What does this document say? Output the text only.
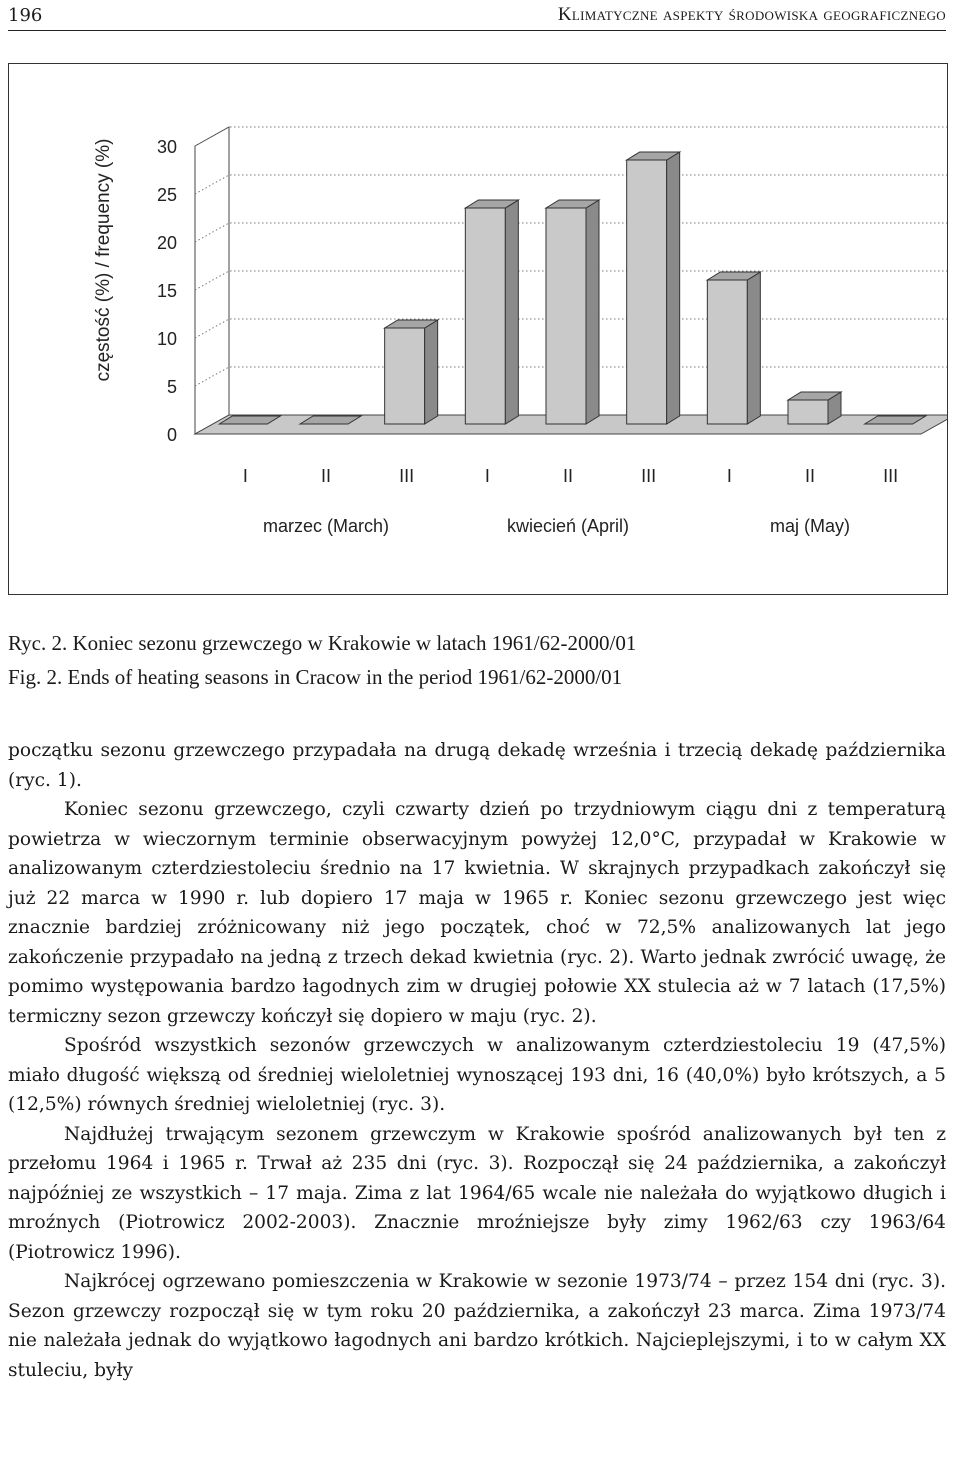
196	Klimatyczne aspekty środowiska geograficznego
0
5
10
15
20
25
30
częstość (%) / frequency (%)
I	II	III	I	II	III	I	II	III
marzec (March)	kwiecień (April)	maj (May)
Ryc. 2. Koniec sezonu grzewczego w Krakowie w latach 1961/62-2000/01
Fig. 2. Ends of heating seasons in Cracow in the period 1961/62-2000/01

początku sezonu grzewczego przypadała na drugą dekadę września i trzecią dekadę października (ryc. 1).

Koniec sezonu grzewczego, czyli czwarty dzień po trzydniowym ciągu dni z temperaturą powietrza w wieczornym terminie obserwacyjnym powyżej 12,0°C, przypadał w Krakowie w analizowanym czterdziestoleciu średnio na 17 kwietnia. W skrajnych przypadkach zakończył się już 22 marca w 1990 r. lub dopiero 17 maja w 1965 r. Koniec sezonu grzewczego jest więc znacznie bardziej zróżnicowany niż jego początek, choć w 72,5% analizowanych lat jego zakończenie przypadało na jedną z trzech dekad kwietnia (ryc. 2). Warto jednak zwrócić uwagę, że pomimo występowania bardzo łagodnych zim w drugiej połowie XX stulecia aż w 7 latach (17,5%) termiczny sezon grzewczy kończył się dopiero w maju (ryc. 2).

Spośród wszystkich sezonów grzewczych w analizowanym czterdziestoleciu 19 (47,5%) miało długość większą od średniej wieloletniej wynoszącej 193 dni, 16 (40,0%) było krótszych, a 5 (12,5%) równych średniej wieloletniej (ryc. 3).

Najdłużej trwającym sezonem grzewczym w Krakowie spośród analizowanych był ten z przełomu 1964 i 1965 r. Trwał aż 235 dni (ryc. 3). Rozpoczął się 24 października, a zakończył najpóźniej ze wszystkich – 17 maja. Zima z lat 1964/65 wcale nie należała do wyjątkowo długich i mroźnych (Piotrowicz 2002-2003). Znacznie mroźniejsze były zimy 1962/63 czy 1963/64 (Piotrowicz 1996).

Najkrócej ogrzewano pomieszczenia w Krakowie w sezonie 1973/74 – przez 154 dni (ryc. 3). Sezon grzewczy rozpoczął się w tym roku 20 października, a zakończył 23 marca. Zima 1973/74 nie należała jednak do wyjątkowo łagodnych ani bardzo krótkich. Najcieplejszymi, i to w całym XX stuleciu, były
